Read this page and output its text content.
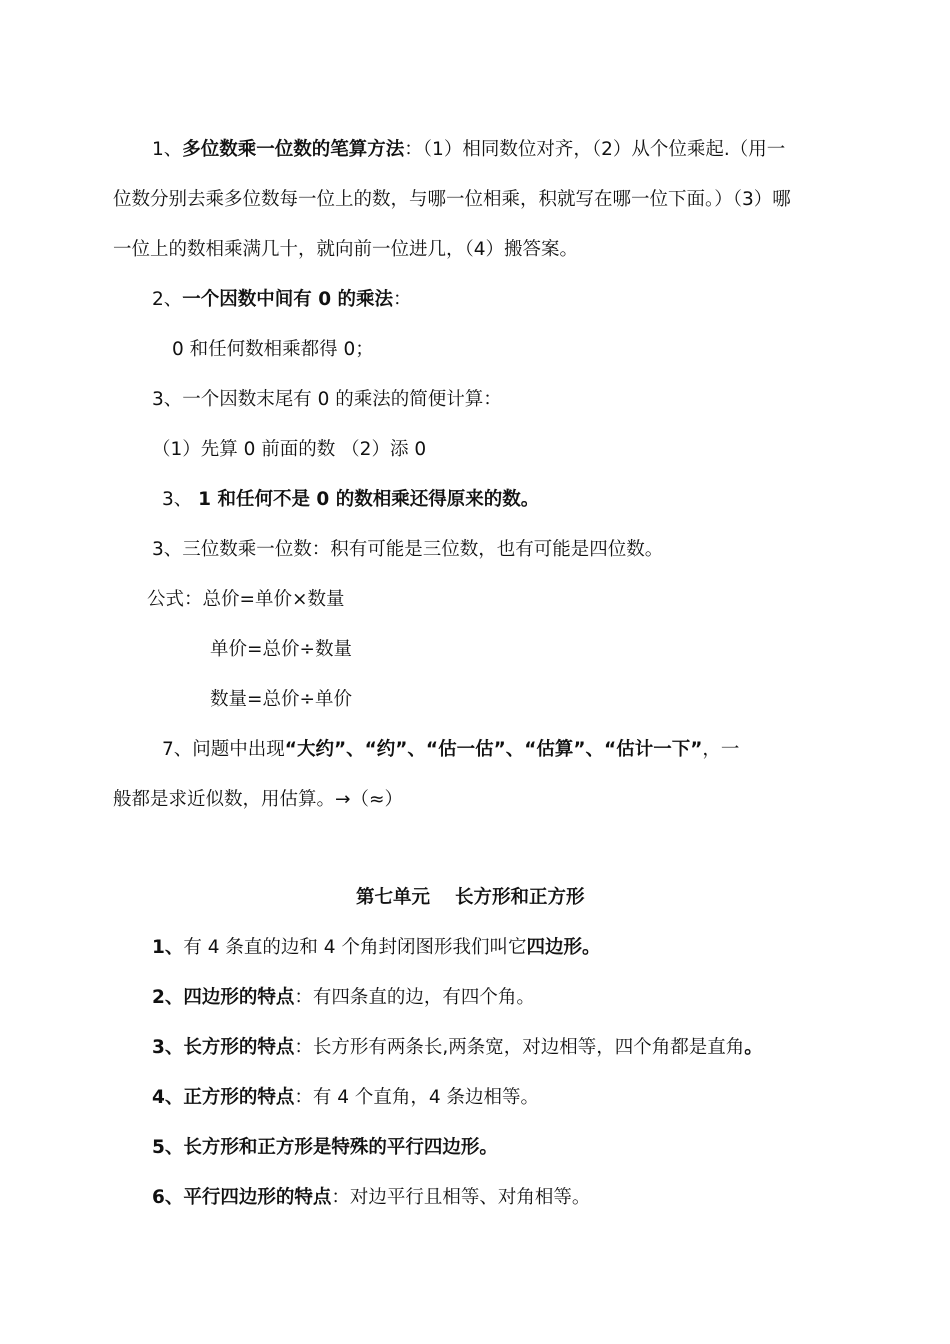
1、多位数乘一位数的笔算方法：（1）相同数位对齐，（2）从个位乘起.（用一
位数分别去乘多位数每一位上的数，与哪一位相乘，积就写在哪一位下面。）（3）哪
一位上的数相乘满几十，就向前一位进几，（4）搬答案。
2、一个因数中间有 0 的乘法：
0 和任何数相乘都得 0；
3、一个因数末尾有 0 的乘法的简便计算：
（1）先算 0 前面的数 （2）添 0
3、 1 和任何不是 0 的数相乘还得原来的数。
3、三位数乘一位数：积有可能是三位数，也有可能是四位数。
公式：总价=单价×数量
单价=总价÷数量
数量=总价÷单价
7、问题中出现“大约”、“约”、“估一估”、“估算”、“估计一下”，一
般都是求近似数，用估算。→（≈）
第七单元　 长方形和正方形
1、有 4 条直的边和 4 个角封闭图形我们叫它四边形。
2、四边形的特点：有四条直的边，有四个角。
3、长方形的特点：长方形有两条长,两条宽，对边相等，四个角都是直角。
4、正方形的特点：有 4 个直角，4 条边相等。
5、长方形和正方形是特殊的平行四边形。
6、平行四边形的特点：对边平行且相等、对角相等。
